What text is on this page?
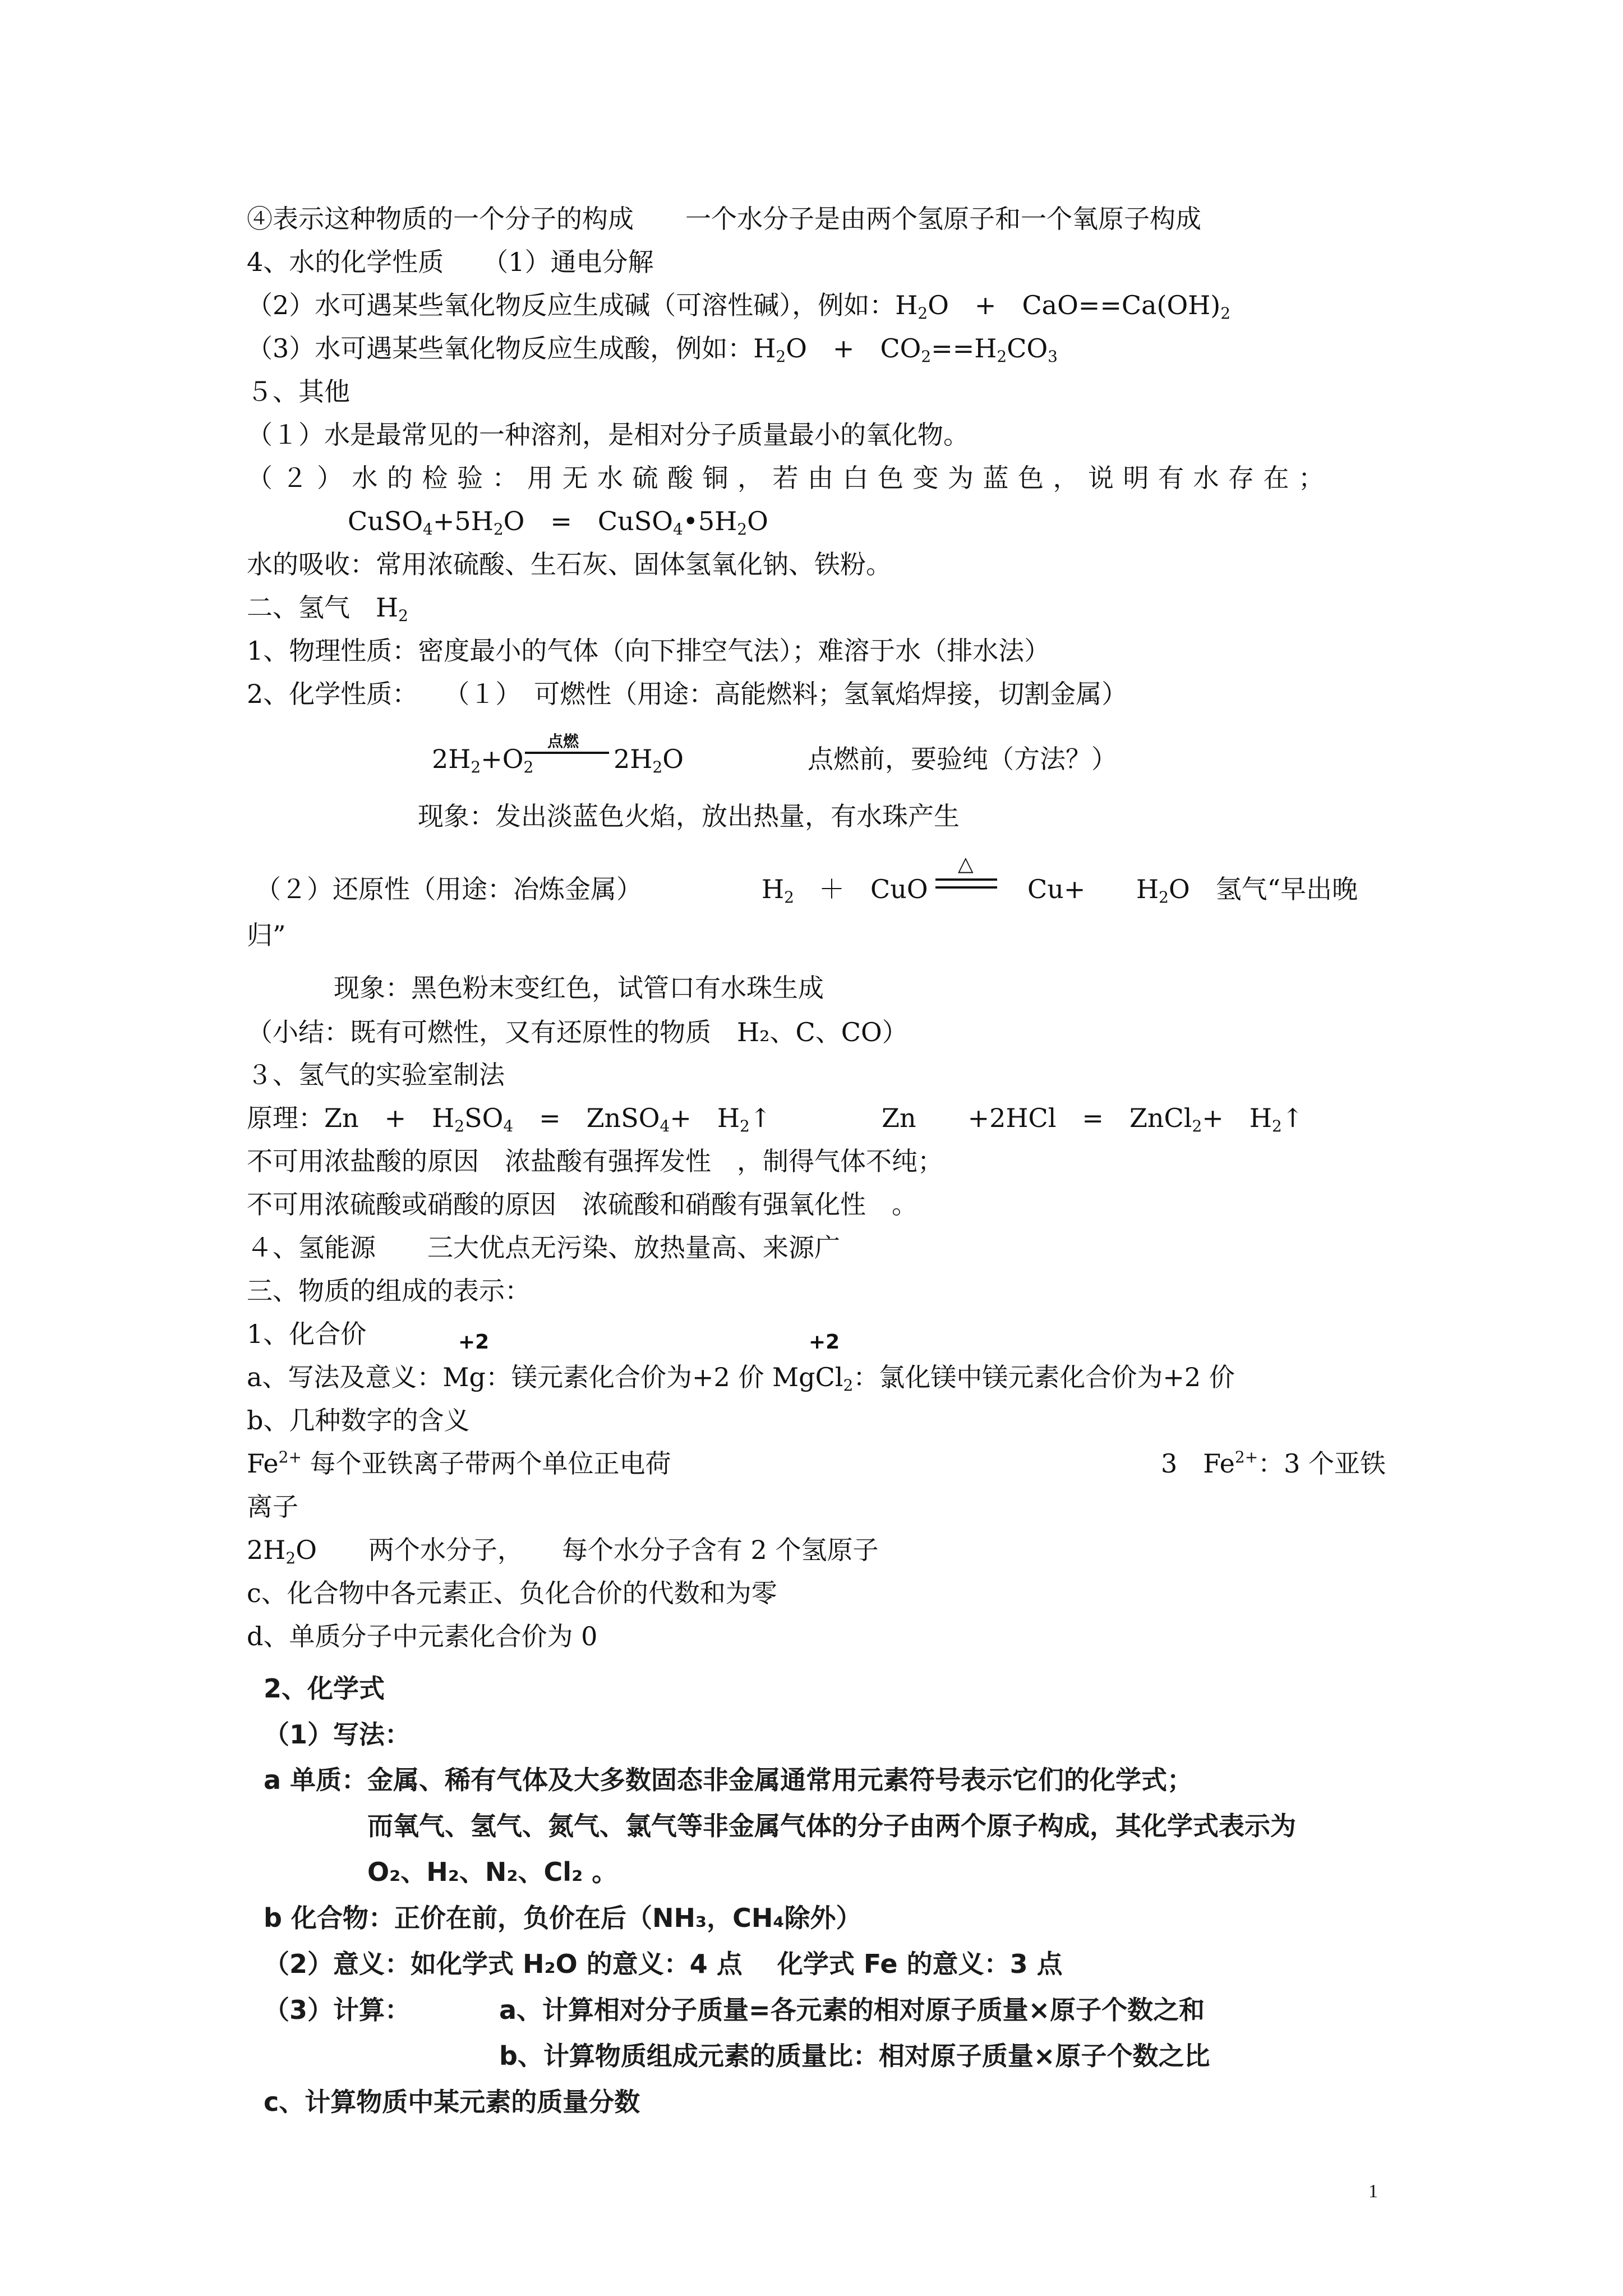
④表示这种物质的一个分子的构成　　一个水分子是由两个氢原子和一个氧原子构成
4、水的化学性质　　（1）通电分解
（2）水可遇某些氧化物反应生成碱（可溶性碱），例如：$H_2O$　+　$CaO==Ca(OH)_2$
（3）水可遇某些氧化物反应生成酸，例如：$H_2O$　+　$CO_2==H_2CO_3$
５、其他
（１）水是最常见的一种溶剂，是相对分子质量最小的氧化物。
（２）水的检验：用无水硫酸铜，若由白色变为蓝色，说明有水存在；
$CuSO_4+5H_2O$　=　$CuSO_4•5H_2O$
水的吸收：常用浓硫酸、生石灰、固体氢氧化钠、铁粉。
二、氢气　$H_2$
1、物理性质：密度最小的气体（向下排空气法）；难溶于水（排水法）
2、化学性质：　　（１）　可燃性（用途：高能燃料；氢氧焰焊接，切割金属）
$2H_2+O_2$
点燃
$2H_2O$	点燃前，要验纯（方法？）
现象：发出淡蓝色火焰，放出热量，有水珠产生
（２）还原性（用途：冶炼金属）	$H_2$ ＋　CuO
△
$Cu+ H_2O$　氢气“早出晚
归”
现象：黑色粉末变红色，试管口有水珠生成
（小结：既有可燃性，又有还原性的物质　H₂、C、CO）
３、氢气的实验室制法
原理：Zn　+　$H_2SO_4$　=　ZnSO$_4$+　$H_2↑$	Zn　　+2HCl　=　ZnCl$_2$+　$H_2↑$
不可用浓盐酸的原因　浓盐酸有强挥发性　，制得气体不纯；
不可用浓硫酸或硝酸的原因　浓硫酸和硝酸有强氧化性　。
４、氢能源　　三大优点无污染、放热量高、来源广
三、物质的组成的表示：
1、化合价	+2	+2
a、写法及意义：Mg：镁元素化合价为+2 价 MgCl$_2$：氯化镁中镁元素化合价为+2 价
b、几种数字的含义
$Fe^{2+}$ 每个亚铁离子带两个单位正电荷	3　$Fe^{2+}$：3 个亚铁
离子
$2H_2O$　　两个水分子，　　每个水分子含有 2 个氢原子
c、化合物中各元素正、负化合价的代数和为零
d、单质分子中元素化合价为 0
2、化学式
（1）写法：
a 单质：金属、稀有气体及大多数固态非金属通常用元素符号表示它们的化学式；
而氧气、氢气、氮气、氯气等非金属气体的分子由两个原子构成，其化学式表示为
O₂、H₂、N₂、Cl₂ 。
b 化合物：正价在前，负价在后（NH₃，CH₄除外）
（2）意义：如化学式 H₂O 的意义：4 点　 化学式 Fe 的意义：3 点
（3）计算：	a、计算相对分子质量=各元素的相对原子质量×原子个数之和
b、计算物质组成元素的质量比：相对原子质量×原子个数之比
c、计算物质中某元素的质量分数
1
